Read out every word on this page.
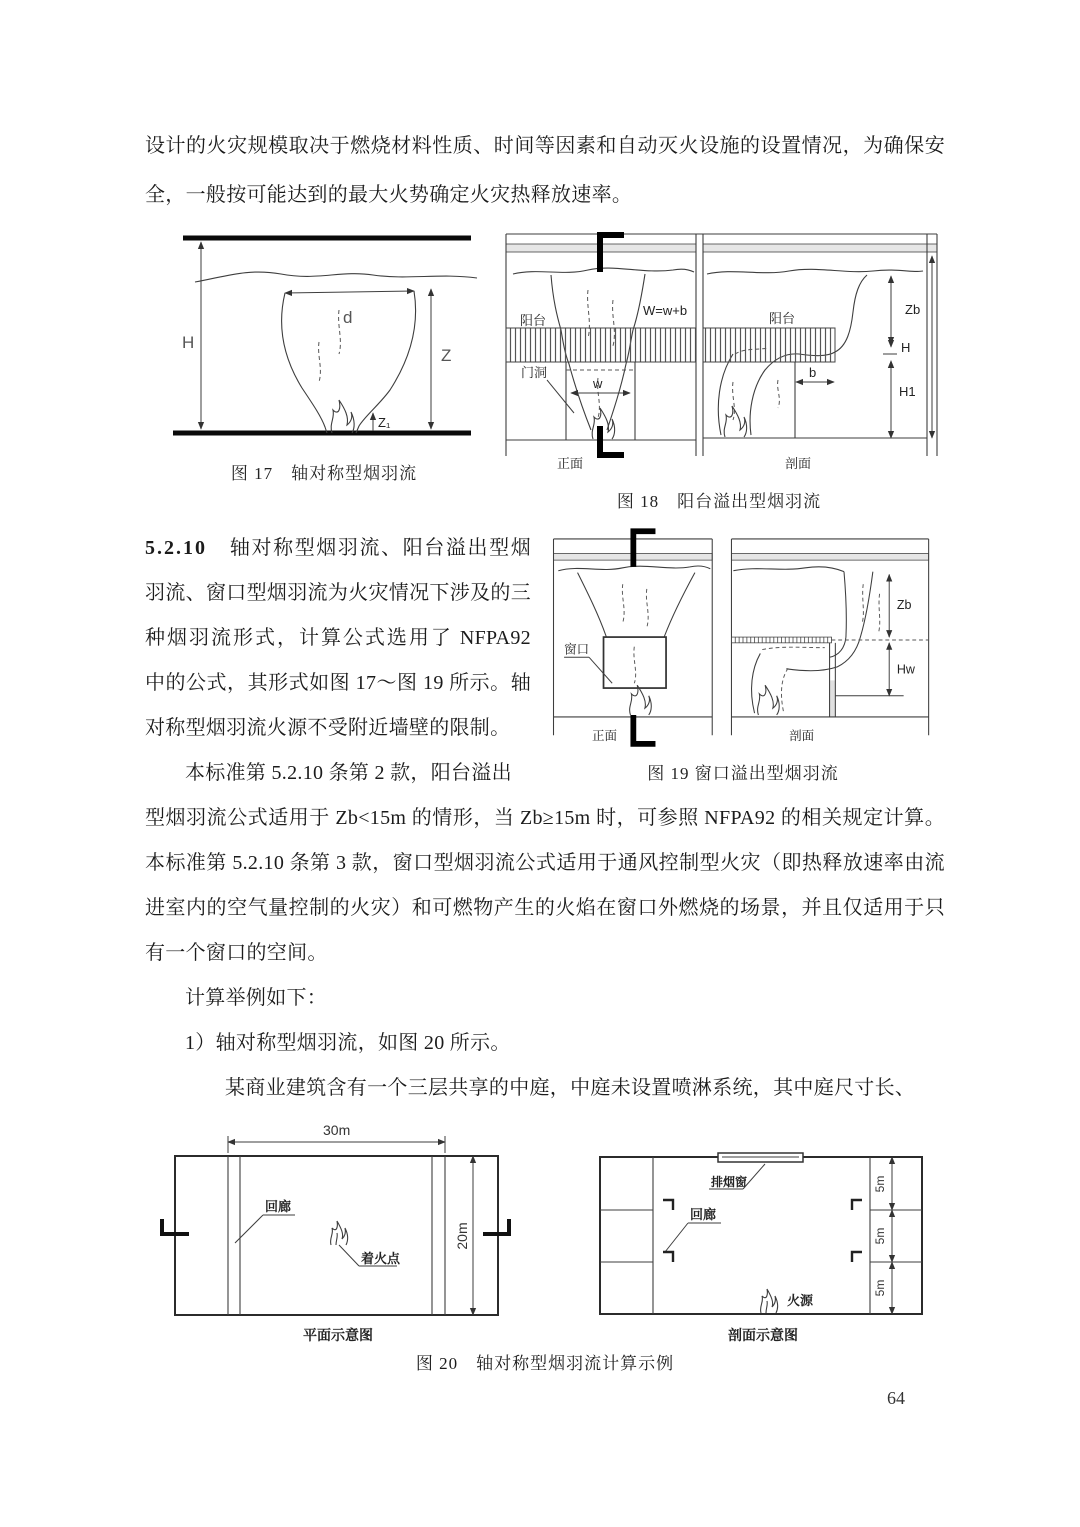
设计的火灾规模取决于燃烧材料性质、时间等因素和自动灭火设施的设置情况，为确保安全，一般按可能达到的最大火势确定火灾热释放速率。

H
d
Z
Z₁
图 17　轴对称型烟羽流
阳台
W=w+b
门洞
w
正面
阳台
b
Zb
H
H1
剖面
图 18　阳台溢出型烟羽流

5.2.10　 轴对称型烟羽流、阳台溢出型烟羽流、窗口型烟羽流为火灾情况下涉及的三种烟羽流形式，计算公式选用了 NFPA92 中的公式，其形式如图 17～图 19 所示。轴对称型烟羽流火源不受附近墙壁的限制。

本标准第 5.2.10 条第 2 款，阳台溢出

窗口
正面
Zb
Hw
剖面
图 19 窗口溢出型烟羽流

型烟羽流公式适用于 Zb<15m 的情形，当 Zb≥15m 时，可参照 NFPA92 的相关规定计算。本标准第 5.2.10 条第 3 款，窗口型烟羽流公式适用于通风控制型火灾（即热释放速率由流进室内的空气量控制的火灾）和可燃物产生的火焰在窗口外燃烧的场景，并且仅适用于只有一个窗口的空间。

计算举例如下：

1）轴对称型烟羽流，如图 20 所示。

某商业建筑含有一个三层共享的中庭，中庭未设置喷淋系统，其中庭尺寸长、

30m
20m
回廊
着火点
平面示意图
排烟窗
回廊
火源
5m
5m
5m
剖面示意图
图 20　轴对称型烟羽流计算示例
64
